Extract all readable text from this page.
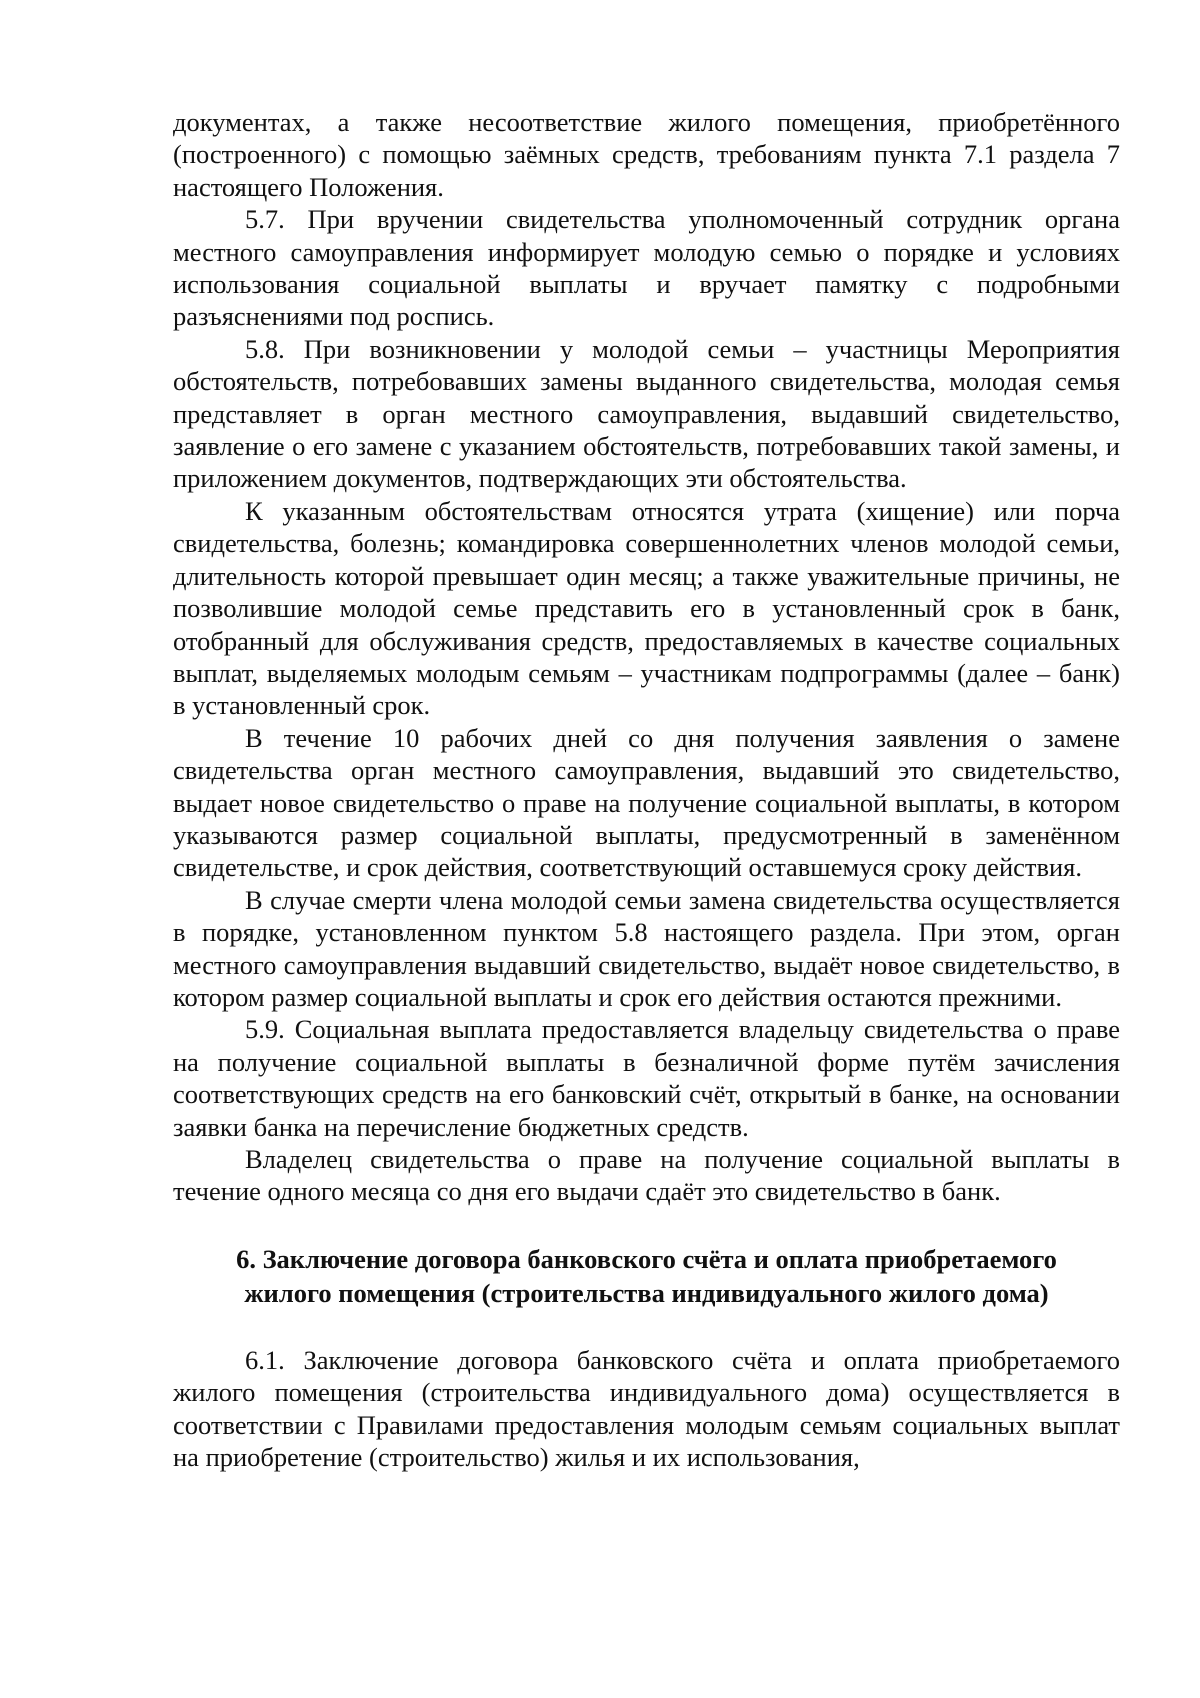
документах, а также несоответствие жилого помещения, приобретённого (построенного) с помощью заёмных средств, требованиям пункта 7.1 раздела 7 настоящего Положения.

5.7. При вручении свидетельства уполномоченный сотрудник органа местного самоуправления информирует молодую семью о порядке и условиях использования социальной выплаты и вручает памятку с подробными разъяснениями под роспись.

5.8. При возникновении у молодой семьи – участницы Мероприятия обстоятельств, потребовавших замены выданного свидетельства, молодая семья представляет в орган местного самоуправления, выдавший свидетельство, заявление о его замене с указанием обстоятельств, потребовавших такой замены, и приложением документов, подтверждающих эти обстоятельства.

К указанным обстоятельствам относятся утрата (хищение) или порча свидетельства, болезнь; командировка совершеннолетних членов молодой семьи, длительность которой превышает один месяц; а также уважительные причины, не позволившие молодой семье представить его в установленный срок в банк, отобранный для обслуживания средств, предоставляемых в качестве социальных выплат, выделяемых молодым семьям – участникам подпрограммы (далее – банк) в установленный срок.

В течение 10 рабочих дней со дня получения заявления о замене свидетельства орган местного самоуправления, выдавший это свидетельство, выдает новое свидетельство о праве на получение социальной выплаты, в котором указываются размер социальной выплаты, предусмотренный в заменённом свидетельстве, и срок действия, соответствующий оставшемуся сроку действия.

В случае смерти члена молодой семьи замена свидетельства осуществляется в порядке, установленном пунктом 5.8 настоящего раздела. При этом, орган местного самоуправления выдавший свидетельство, выдаёт новое свидетельство, в котором размер социальной выплаты и срок его действия остаются прежними.

5.9. Социальная выплата предоставляется владельцу свидетельства о праве на получение социальной выплаты в безналичной форме путём зачисления соответствующих средств на его банковский счёт, открытый в банке, на основании заявки банка на перечисление бюджетных средств.

Владелец свидетельства о праве на получение социальной выплаты в течение одного месяца со дня его выдачи сдаёт это свидетельство в банк.

6. Заключение договора банковского счёта и оплата приобретаемого
жилого помещения (строительства индивидуального жилого дома)

6.1. Заключение договора банковского счёта и оплата приобретаемого жилого помещения (строительства индивидуального дома) осуществляется в соответствии с Правилами предоставления молодым семьям социальных выплат на приобретение (строительство) жилья и их использования,
